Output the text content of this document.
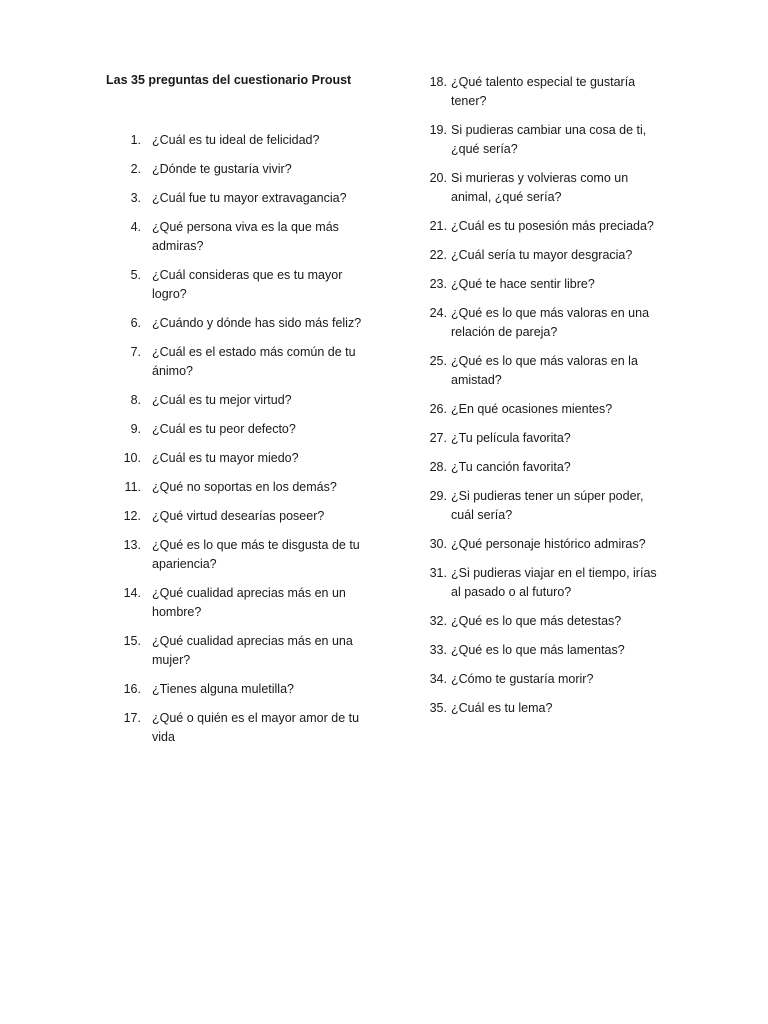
Las 35 preguntas del cuestionario Proust
1. ¿Cuál es tu ideal de felicidad?
2. ¿Dónde te gustaría vivir?
3. ¿Cuál fue tu mayor extravagancia?
4. ¿Qué persona viva es la que más admiras?
5. ¿Cuál consideras que es tu mayor logro?
6. ¿Cuándo y dónde has sido más feliz?
7. ¿Cuál es el estado más común de tu ánimo?
8. ¿Cuál es tu mejor virtud?
9. ¿Cuál es tu peor defecto?
10. ¿Cuál es tu mayor miedo?
11. ¿Qué no soportas en los demás?
12. ¿Qué virtud desearías poseer?
13. ¿Qué es lo que más te disgusta de tu apariencia?
14. ¿Qué cualidad aprecias más en un hombre?
15. ¿Qué cualidad aprecias más en una mujer?
16. ¿Tienes alguna muletilla?
17. ¿Qué o quién es el mayor amor de tu vida
18. ¿Qué talento especial te gustaría tener?
19. Si pudieras cambiar una cosa de ti, ¿qué sería?
20. Si murieras y volvieras como un animal, ¿qué sería?
21. ¿Cuál es tu posesión más preciada?
22. ¿Cuál sería tu mayor desgracia?
23. ¿Qué te hace sentir libre?
24. ¿Qué es lo que más valoras en una relación de pareja?
25. ¿Qué es lo que más valoras en la amistad?
26. ¿En qué ocasiones mientes?
27. ¿Tu película favorita?
28. ¿Tu canción favorita?
29. ¿Si pudieras tener un súper poder, cuál sería?
30. ¿Qué personaje histórico admiras?
31. ¿Si pudieras viajar en el tiempo, irías al pasado o al futuro?
32. ¿Qué es lo que más detestas?
33. ¿Qué es lo que más lamentas?
34. ¿Cómo te gustaría morir?
35. ¿Cuál es tu lema?
